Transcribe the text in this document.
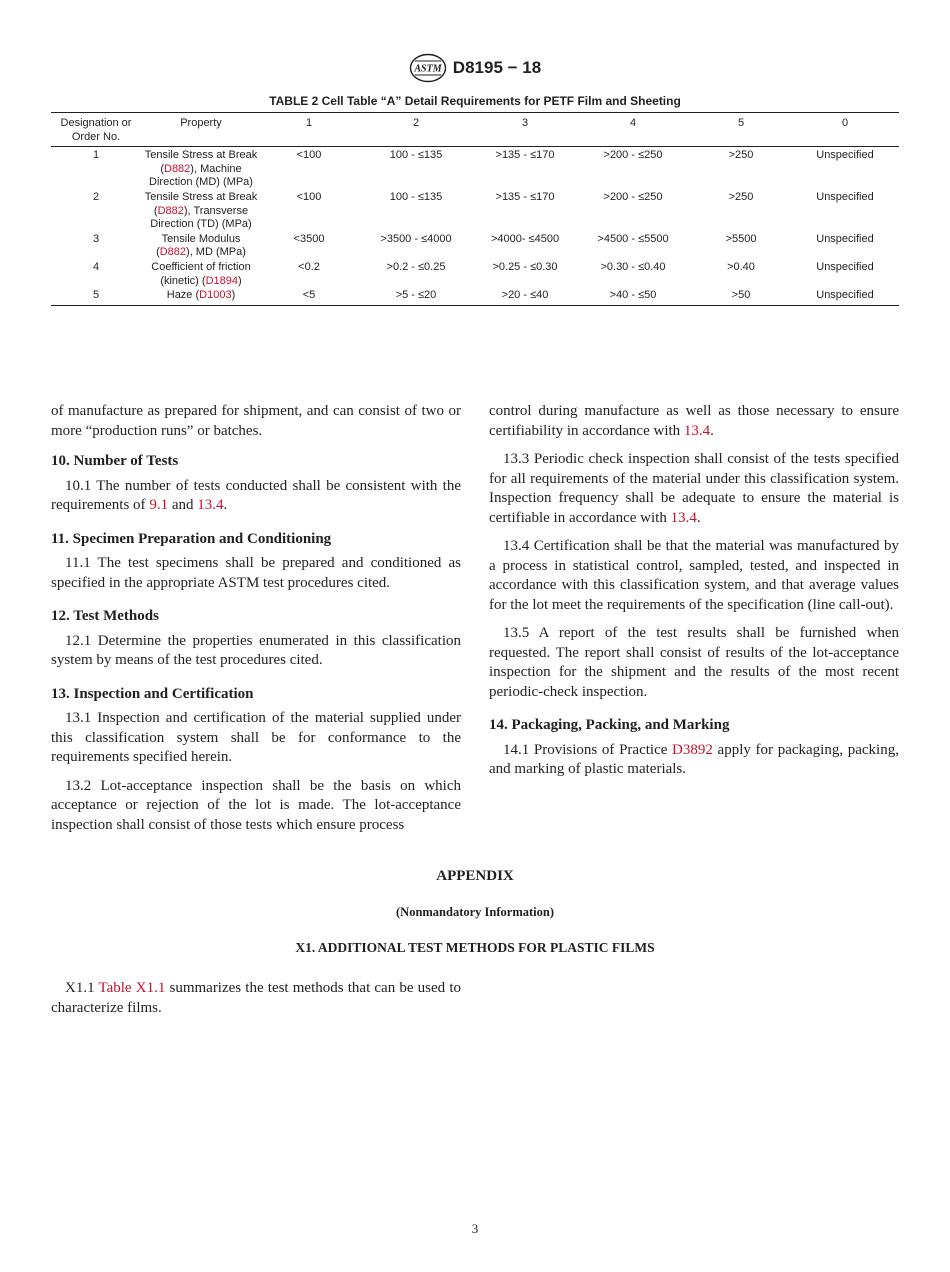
ASTM D8195 − 18
TABLE 2 Cell Table “A” Detail Requirements for PETF Film and Sheeting
Designation or Order No.	Property	1	2	3	4	5	0
1	Tensile Stress at Break (D882), Machine Direction (MD) (MPa)	<100	100 - ≤135	>135 - ≤170	>200 - ≤250	>250	Unspecified
2	Tensile Stress at Break (D882), Transverse Direction (TD) (MPa)	<100	100 - ≤135	>135 - ≤170	>200 - ≤250	>250	Unspecified
3	Tensile Modulus (D882), MD (MPa)	<3500	>3500 - ≤4000	>4000- ≤4500	>4500 - ≤5500	>5500	Unspecified
4	Coefficient of friction (kinetic) (D1894)	<0.2	>0.2 - ≤0.25	>0.25 - ≤0.30	>0.30 - ≤0.40	>0.40	Unspecified
5	Haze (D1003)	<5	>5 - ≤20	>20 - ≤40	>40 - ≤50	>50	Unspecified

of manufacture as prepared for shipment, and can consist of two or more “production runs” or batches.

10. Number of Tests

10.1 The number of tests conducted shall be consistent with the requirements of 9.1 and 13.4.

11. Specimen Preparation and Conditioning

11.1 The test specimens shall be prepared and conditioned as specified in the appropriate ASTM test procedures cited.

12. Test Methods

12.1 Determine the properties enumerated in this classification system by means of the test procedures cited.

13. Inspection and Certification

13.1 Inspection and certification of the material supplied under this classification system shall be for conformance to the requirements specified herein.

13.2 Lot-acceptance inspection shall be the basis on which acceptance or rejection of the lot is made. The lot-acceptance inspection shall consist of those tests which ensure process

control during manufacture as well as those necessary to ensure certifiability in accordance with 13.4.

13.3 Periodic check inspection shall consist of the tests specified for all requirements of the material under this classification system. Inspection frequency shall be adequate to ensure the material is certifiable in accordance with 13.4.

13.4 Certification shall be that the material was manufactured by a process in statistical control, sampled, tested, and inspected in accordance with this classification system, and that average values for the lot meet the requirements of the specification (line call-out).

13.5 A report of the test results shall be furnished when requested. The report shall consist of results of the lot-acceptance inspection for the shipment and the results of the most recent periodic-check inspection.

14. Packaging, Packing, and Marking

14.1 Provisions of Practice D3892 apply for packaging, packing, and marking of plastic materials.

APPENDIX
(Nonmandatory Information)
X1. ADDITIONAL TEST METHODS FOR PLASTIC FILMS

X1.1 Table X1.1 summarizes the test methods that can be used to characterize films.

3
